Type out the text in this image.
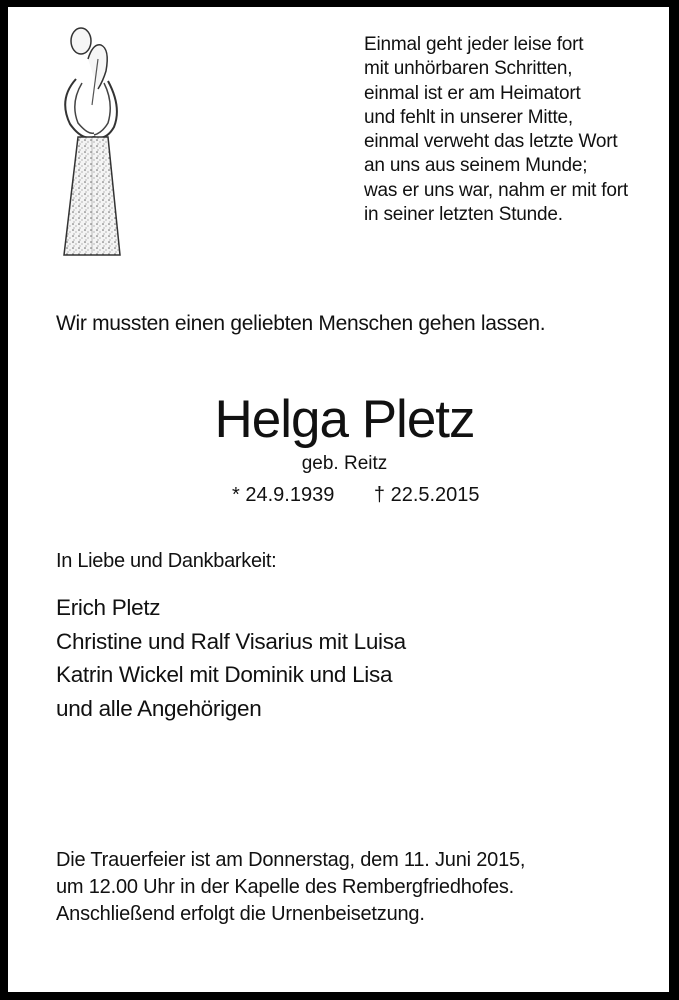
Einmal geht jeder leise fort
mit unhörbaren Schritten,
einmal ist er am Heimatort
und fehlt in unserer Mitte,
einmal verweht das letzte Wort
an uns aus seinem Munde;
was er uns war, nahm er mit fort
in seiner letzten Stunde.
Wir mussten einen geliebten Menschen gehen lassen.
Helga Pletz
geb. Reitz
* 24.9.1939 † 22.5.2015
In Liebe und Dankbarkeit:
Erich Pletz
Christine und Ralf Visarius mit Luisa
Katrin Wickel mit Dominik und Lisa
und alle Angehörigen
Die Trauerfeier ist am Donnerstag, dem 11. Juni 2015,
um 12.00 Uhr in der Kapelle des Rembergfriedhofes.
Anschließend erfolgt die Urnenbeisetzung.
